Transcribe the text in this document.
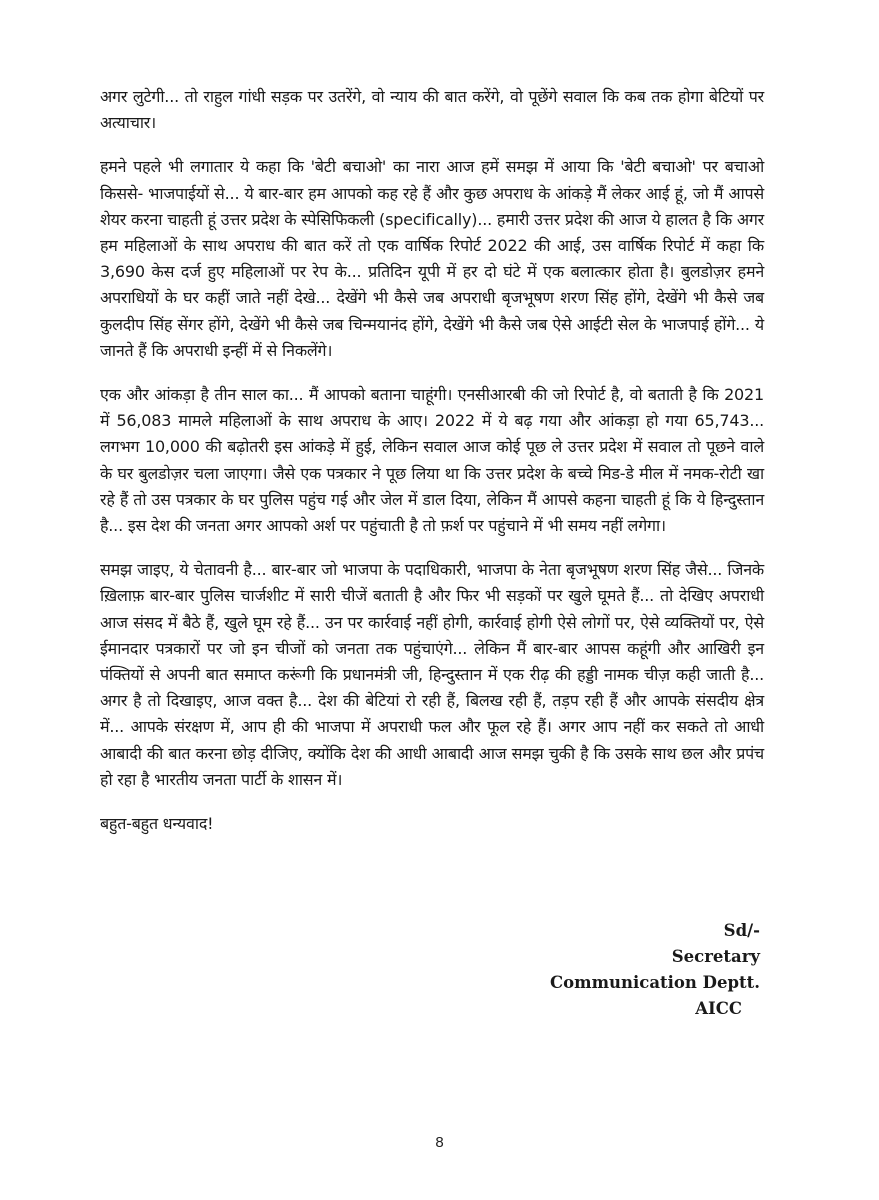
अगर लुटेगी... तो राहुल गांधी सड़क पर उतरेंगे, वो न्याय की बात करेंगे, वो पूछेंगे सवाल कि कब तक होगा बेटियों पर अत्याचार।

हमने पहले भी लगातार ये कहा कि 'बेटी बचाओ' का नारा आज हमें समझ में आया कि 'बेटी बचाओ' पर बचाओ किससे- भाजपाईयों से... ये बार-बार हम आपको कह रहे हैं और कुछ अपराध के आंकड़े मैं लेकर आई हूं, जो मैं आपसे शेयर करना चाहती हूं उत्तर प्रदेश के स्पेसिफिकली (specifically)... हमारी उत्तर प्रदेश की आज ये हालत है कि अगर हम महिलाओं के साथ अपराध की बात करें तो एक वार्षिक रिपोर्ट 2022 की आई, उस वार्षिक रिपोर्ट में कहा कि 3,690 केस दर्ज हुए महिलाओं पर रेप के... प्रतिदिन यूपी में हर दो घंटे में एक बलात्कार होता है। बुलडोज़र हमने अपराधियों के घर कहीं जाते नहीं देखे... देखेंगे भी कैसे जब अपराधी बृजभूषण शरण सिंह होंगे, देखेंगे भी कैसे जब कुलदीप सिंह सेंगर होंगे, देखेंगे भी कैसे जब चिन्मयानंद होंगे, देखेंगे भी कैसे जब ऐसे आईटी सेल के भाजपाई होंगे... ये जानते हैं कि अपराधी इन्हीं में से निकलेंगे।

एक और आंकड़ा है तीन साल का... मैं आपको बताना चाहूंगी। एनसीआरबी की जो रिपोर्ट है, वो बताती है कि 2021 में 56,083 मामले महिलाओं के साथ अपराध के आए। 2022 में ये बढ़ गया और आंकड़ा हो गया 65,743... लगभग 10,000 की बढ़ोतरी इस आंकड़े में हुई, लेकिन सवाल आज कोई पूछ ले उत्तर प्रदेश में सवाल तो पूछने वाले के घर बुलडोज़र चला जाएगा। जैसे एक पत्रकार ने पूछ लिया था कि उत्तर प्रदेश के बच्चे मिड-डे मील में नमक-रोटी खा रहे हैं तो उस पत्रकार के घर पुलिस पहुंच गई और जेल में डाल दिया, लेकिन मैं आपसे कहना चाहती हूं कि ये हिन्दुस्तान है... इस देश की जनता अगर आपको अर्श पर पहुंचाती है तो फ़र्श पर पहुंचाने में भी समय नहीं लगेगा।

समझ जाइए, ये चेतावनी है... बार-बार जो भाजपा के पदाधिकारी, भाजपा के नेता बृजभूषण शरण सिंह जैसे... जिनके ख़िलाफ़ बार-बार पुलिस चार्जशीट में सारी चीजें बताती है और फिर भी सड़कों पर खुले घूमते हैं... तो देखिए अपराधी आज संसद में बैठे हैं, खुले घूम रहे हैं... उन पर कार्रवाई नहीं होगी, कार्रवाई होगी ऐसे लोगों पर, ऐसे व्यक्तियों पर, ऐसे ईमानदार पत्रकारों पर जो इन चीजों को जनता तक पहुंचाएंगे... लेकिन मैं बार-बार आपस कहूंगी और आखिरी इन पंक्तियों से अपनी बात समाप्त करूंगी कि प्रधानमंत्री जी, हिन्दुस्तान में एक रीढ़ की हड्डी नामक चीज़ कही जाती है... अगर है तो दिखाइए, आज वक्त है... देश की बेटियां रो रही हैं, बिलख रही हैं, तड़प रही हैं और आपके संसदीय क्षेत्र में... आपके संरक्षण में, आप ही की भाजपा में अपराधी फल और फूल रहे हैं। अगर आप नहीं कर सकते तो आधी आबादी की बात करना छोड़ दीजिए, क्योंकि देश की आधी आबादी आज समझ चुकी है कि उसके साथ छल और प्रपंच हो रहा है भारतीय जनता पार्टी के शासन में।

बहुत-बहुत धन्यवाद!

Sd/-
Secretary
Communication Deptt.
AICC
8
